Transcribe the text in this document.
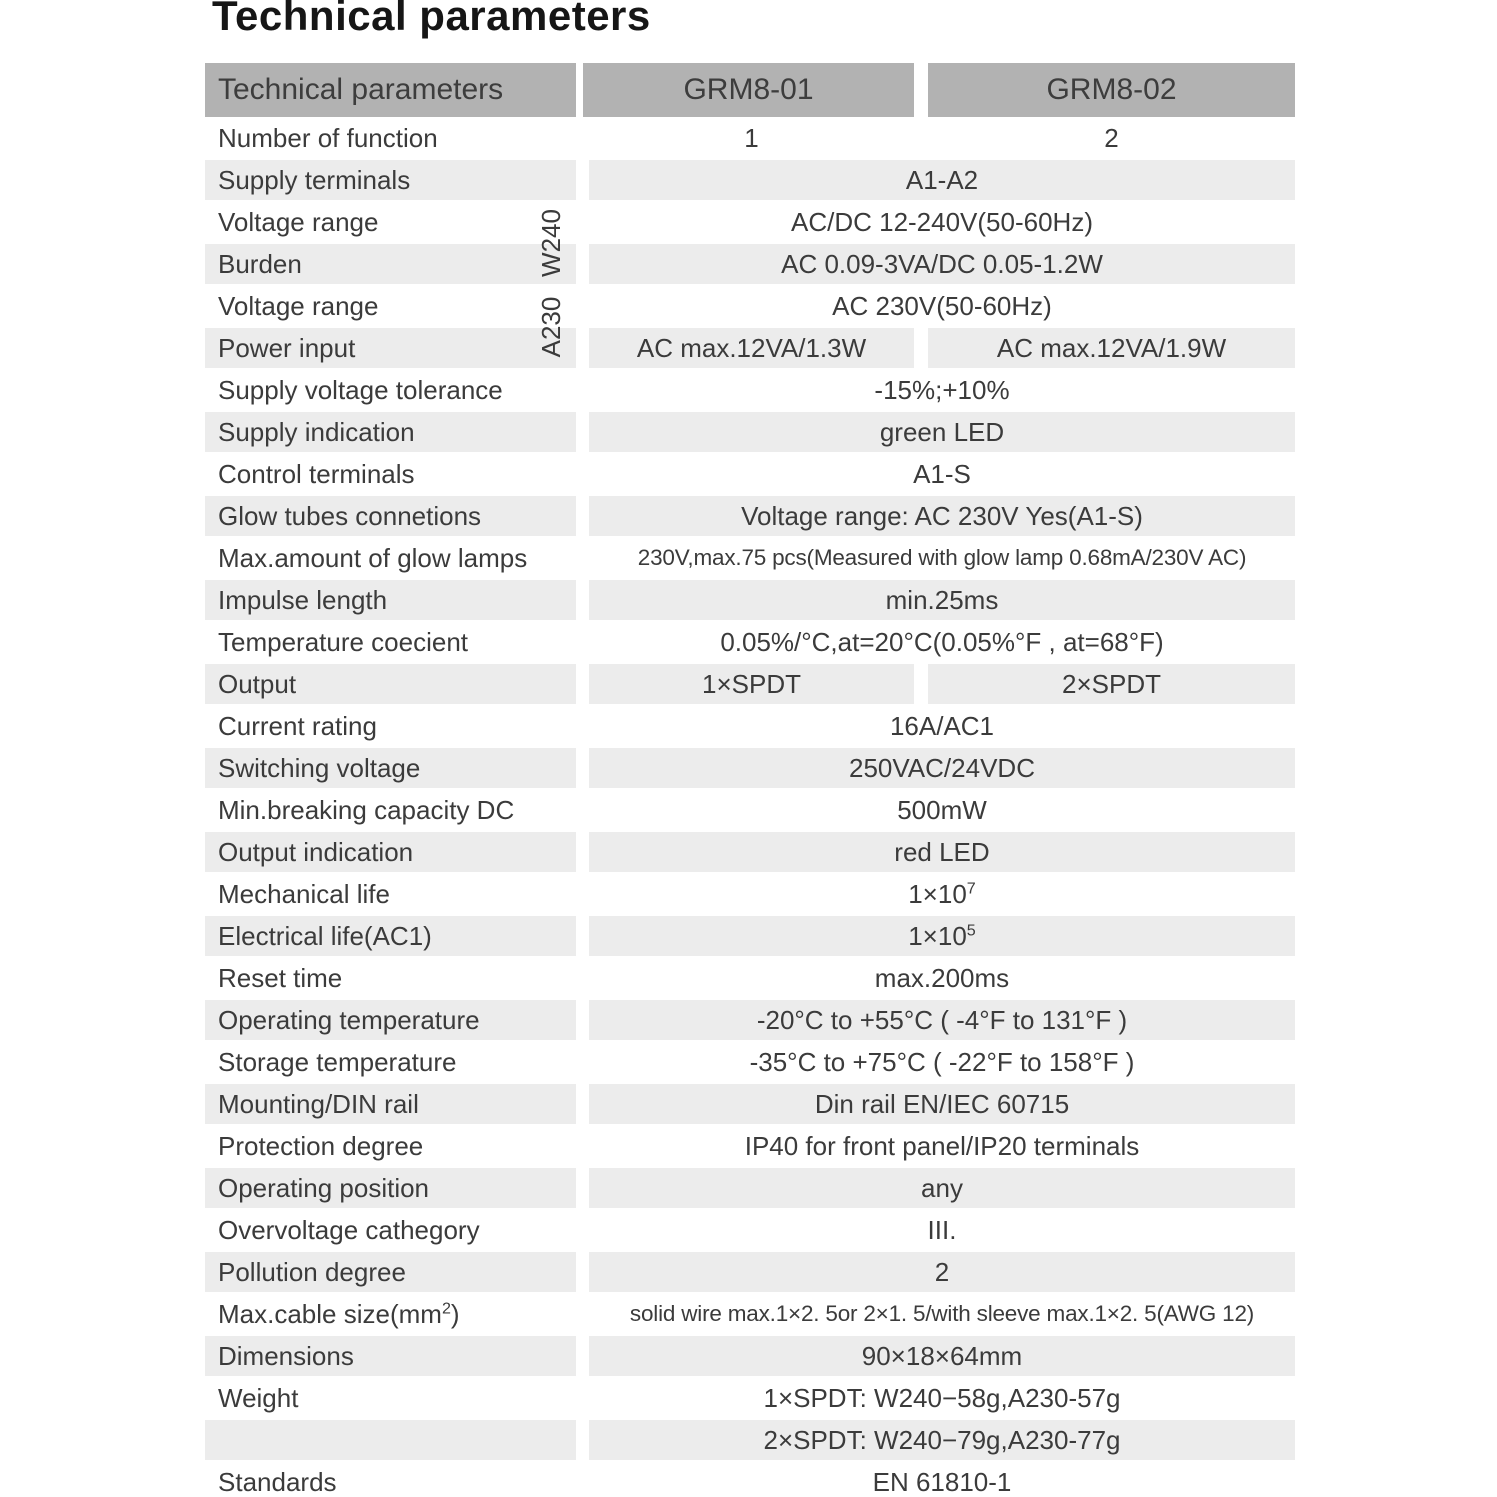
Technical parameters
Technical parameters	GRM8-01	GRM8-02
Number of function	1	2
Supply terminals	A1-A2
Voltage range	AC/DC 12-240V(50-60Hz)
Burden	AC 0.09-3VA/DC 0.05-1.2W
Voltage range	AC 230V(50-60Hz)
Power input	AC max.12VA/1.3W	AC max.12VA/1.9W
Supply voltage tolerance	-15%;+10%
Supply indication	green LED
Control terminals	A1-S
Glow tubes connetions	Voltage range: AC 230V Yes(A1-S)
Max.amount of glow lamps	230V,max.75 pcs(Measured with glow lamp 0.68mA/230V AC)
Impulse length	min.25ms
Temperature coecient	0.05%/°C,at=20°C(0.05%°F , at=68°F)
Output	1×SPDT	2×SPDT
Current rating	16A/AC1
Switching voltage	250VAC/24VDC
Min.breaking capacity DC	500mW
Output indication	red LED
Mechanical life	$1\times 10^7$
Electrical life(AC1)	$1\times 10^5$
Reset time	max.200ms
Operating temperature	-20°C to +55°C ( -4°F to 131°F )
Storage temperature	-35°C to +75°C ( -22°F to 158°F )
Mounting/DIN rail	Din rail EN/IEC 60715
Protection degree	IP40 for front panel/IP20 terminals
Operating position	any
Overvoltage cathegory	III.
Pollution degree	2
Max.cable $size(mm^2)$	solid wire max.1×2. 5or 2×1. 5/with sleeve max.1×2. 5(AWG 12)
Dimensions	90×18×64mm
Weight	1×SPDT: W240−58g,A230-57g
2×SPDT: W240−79g,A230-77g
Standards	EN 61810-1
W240
A230
